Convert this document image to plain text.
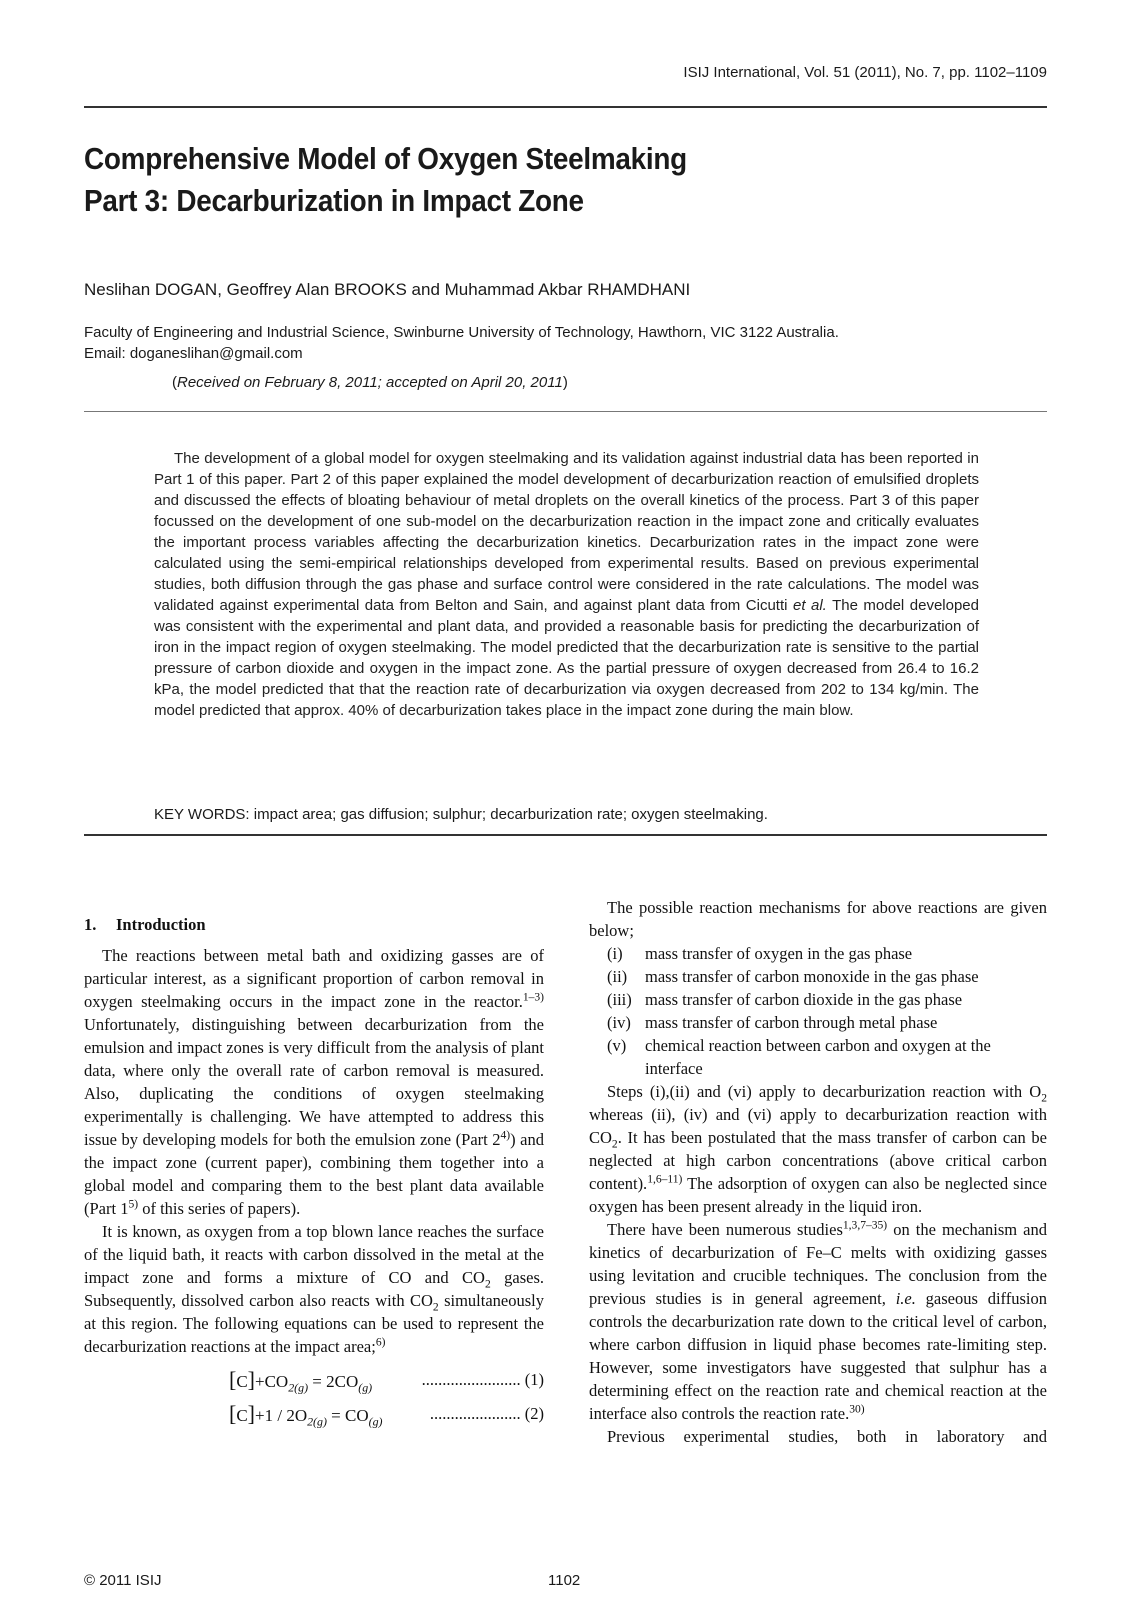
ISIJ International, Vol. 51 (2011), No. 7, pp. 1102–1109
Comprehensive Model of Oxygen Steelmaking
Part 3: Decarburization in Impact Zone
Neslihan DOGAN, Geoffrey Alan BROOKS and Muhammad Akbar RHAMDHANI
Faculty of Engineering and Industrial Science, Swinburne University of Technology, Hawthorn, VIC 3122 Australia.
Email: doganeslihan@gmail.com
(Received on February 8, 2011; accepted on April 20, 2011)

The development of a global model for oxygen steelmaking and its validation against industrial data has been reported in Part 1 of this paper. Part 2 of this paper explained the model development of decarburization reaction of emulsified droplets and discussed the effects of bloating behaviour of metal droplets on the overall kinetics of the process. Part 3 of this paper focussed on the development of one sub-model on the decarburization reaction in the impact zone and critically evaluates the important process variables affecting the decarburization kinetics. Decarburization rates in the impact zone were calculated using the semi-empirical relationships developed from experimental results. Based on previous experimental studies, both diffusion through the gas phase and surface control were considered in the rate calculations. The model was validated against experimental data from Belton and Sain, and against plant data from Cicutti et al. The model developed was consistent with the experimental and plant data, and provided a reasonable basis for predicting the decarburization of iron in the impact region of oxygen steelmaking. The model predicted that the decarburization rate is sensitive to the partial pressure of carbon dioxide and oxygen in the impact zone. As the partial pressure of oxygen decreased from 26.4 to 16.2 kPa, the model predicted that that the reaction rate of decarburization via oxygen decreased from 202 to 134 kg/min. The model predicted that approx. 40% of decarburization takes place in the impact zone during the main blow.

KEY WORDS: impact area; gas diffusion; sulphur; decarburization rate; oxygen steelmaking.
1. Introduction

The reactions between metal bath and oxidizing gasses are of particular interest, as a significant proportion of carbon removal in oxygen steelmaking occurs in the impact zone in the reactor.$^{1-3)}$ Unfortunately, distinguishing between decarburization from the emulsion and impact zones is very difficult from the analysis of plant data, where only the overall rate of carbon removal is measured. Also, duplicating the conditions of oxygen steelmaking experimentally is challenging. We have attempted to address this issue by developing models for both the emulsion zone (Part 2$^{4)}$) and the impact zone (current paper), combining them together into a global model and comparing them to the best plant data available (Part 1$^{5)}$ of this series of papers).

It is known, as oxygen from a top blown lance reaches the surface of the liquid bath, it reacts with carbon dissolved in the metal at the impact zone and forms a mixture of CO and $CO_2$ gases. Subsequently, dissolved carbon also reacts with $CO_2$ simultaneously at this region. The following equations can be used to represent the decarburization reactions at the impact area;$^{6)}$

$[C]+CO_{2(g)} = 2CO_{(g)}$	........................ (1)
$[C]+1 / 2O_{2(g)} = CO_{(g)}$	...................... (2)

The possible reaction mechanisms for above reactions are given below;

(i)	mass transfer of oxygen in the gas phase
(ii)	mass transfer of carbon monoxide in the gas phase
(iii) mass transfer of carbon dioxide in the gas phase
(iv) mass transfer of carbon through metal phase
(v)	chemical reaction between carbon and oxygen at the interface

Steps (i),(ii) and (vi) apply to decarburization reaction with $O_2$ whereas (ii), (iv) and (vi) apply to decarburization reaction with $CO_2$. It has been postulated that the mass transfer of carbon can be neglected at high carbon concentrations (above critical carbon content).$^{1,6-11)}$ The adsorption of oxygen can also be neglected since oxygen has been present already in the liquid iron.

There have been numerous studies$^{1,3,7-35)}$ on the mechanism and kinetics of decarburization of Fe–C melts with oxidizing gasses using levitation and crucible techniques. The conclusion from the previous studies is in general agreement, i.e. gaseous diffusion controls the decarburization rate down to the critical level of carbon, where carbon diffusion in liquid phase becomes rate-limiting step. However, some investigators have suggested that sulphur has a determining effect on the reaction rate and chemical reaction at the interface also controls the reaction rate.$^{30)}$

Previous experimental studies, both in laboratory and

© 2011 ISIJ	1102
